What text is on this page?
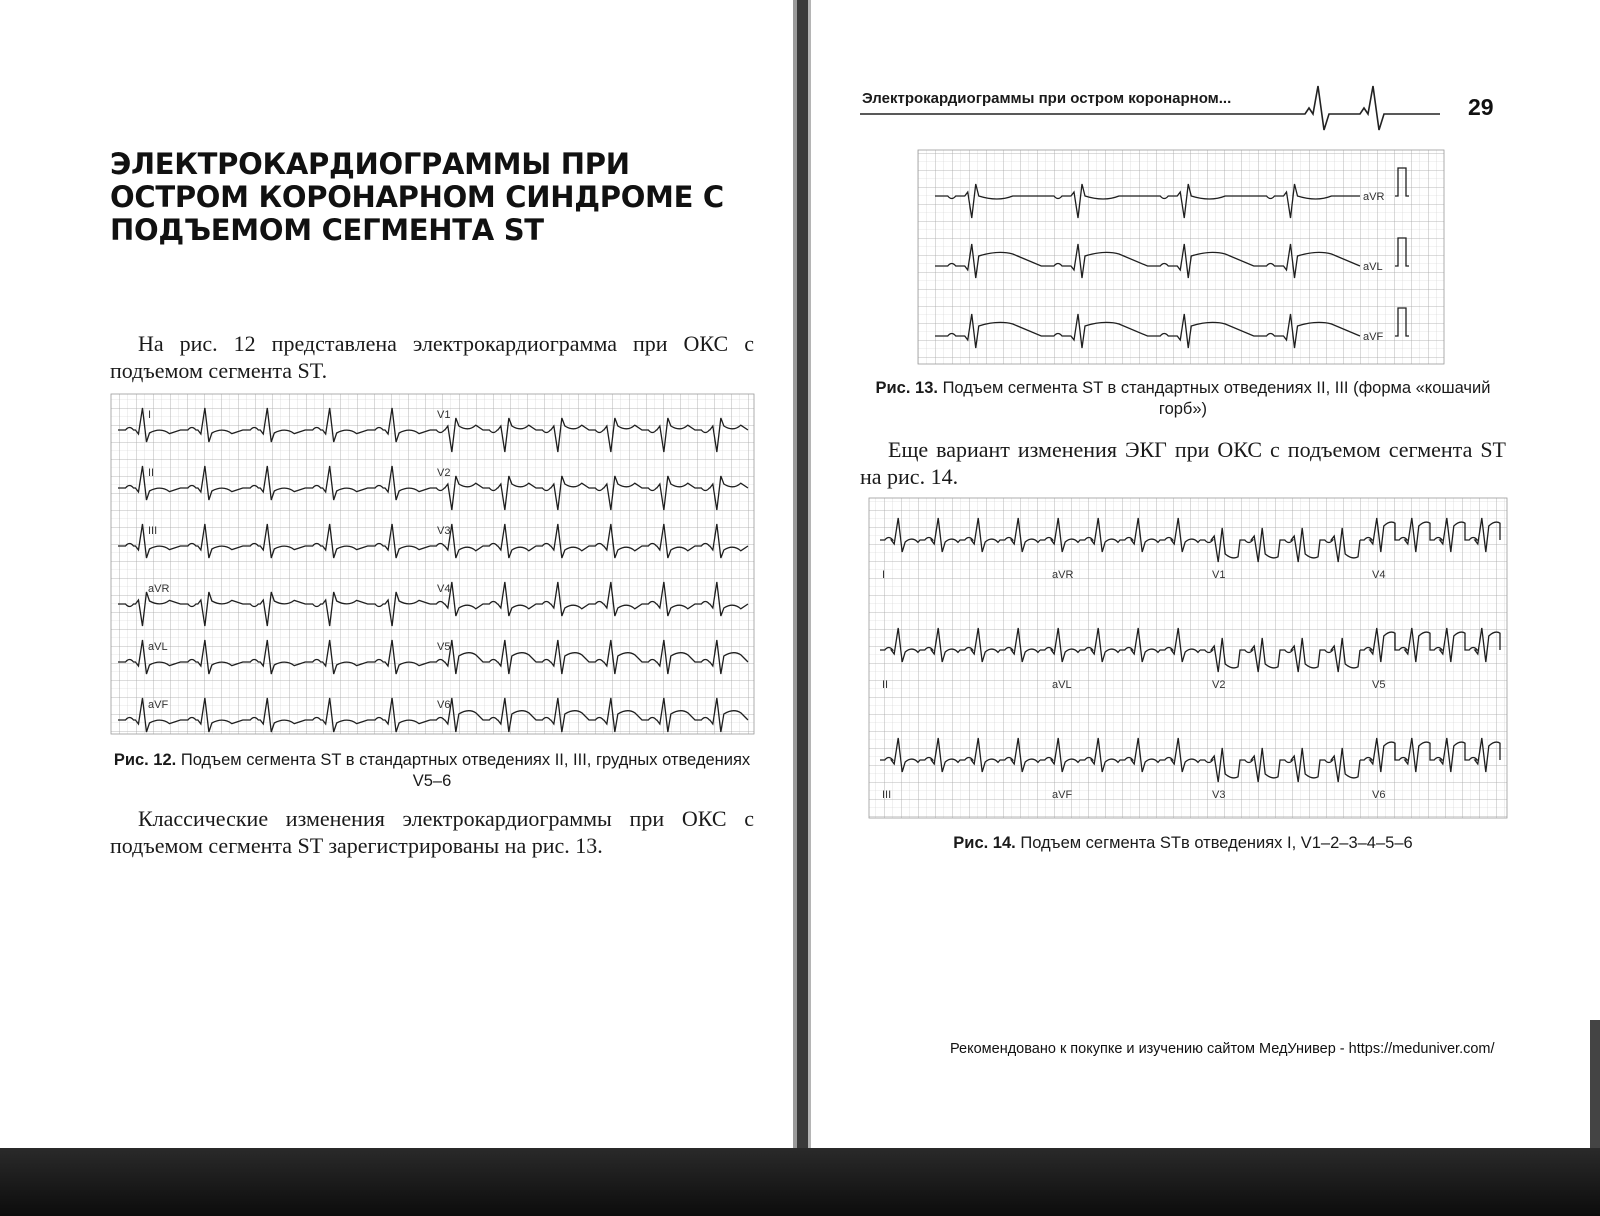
I	V1
II	V2
III	V3
aVR	V4
aVL	V5
aVF	V6
aVR
aVL
aVF
I	aVR	V1	V4
II	aVL	V2	V5
III	aVF	V3	V6
ЭЛЕКТРОКАРДИОГРАММЫ ПРИ ОСТРОМ КОРОНАРНОМ СИНДРОМЕ С ПОДЪЕМОМ СЕГМЕНТА ST
На рис. 12 представлена электрокардиограмма при ОКС с подъемом сегмента ST.
Рис. 12. Подъем сегмента ST в стандартных отведениях II, III, грудных отведениях V5–6
Классические изменения электрокардиограммы при ОКС с подъемом сегмента ST зарегистрированы на рис. 13.
Электрокардиограммы при остром коронарном...	29
Рис. 13. Подъем сегмента ST в стандартных отведениях II, III (форма «кошачий горб»)
Еще вариант изменения ЭКГ при ОКС с подъемом сегмента ST на рис. 14.
Рис. 14. Подъем сегмента STв отведениях I, V1–2–3–4–5–6
Рекомендовано к покупке и изучению сайтом МедУнивер - https://meduniver.com/
